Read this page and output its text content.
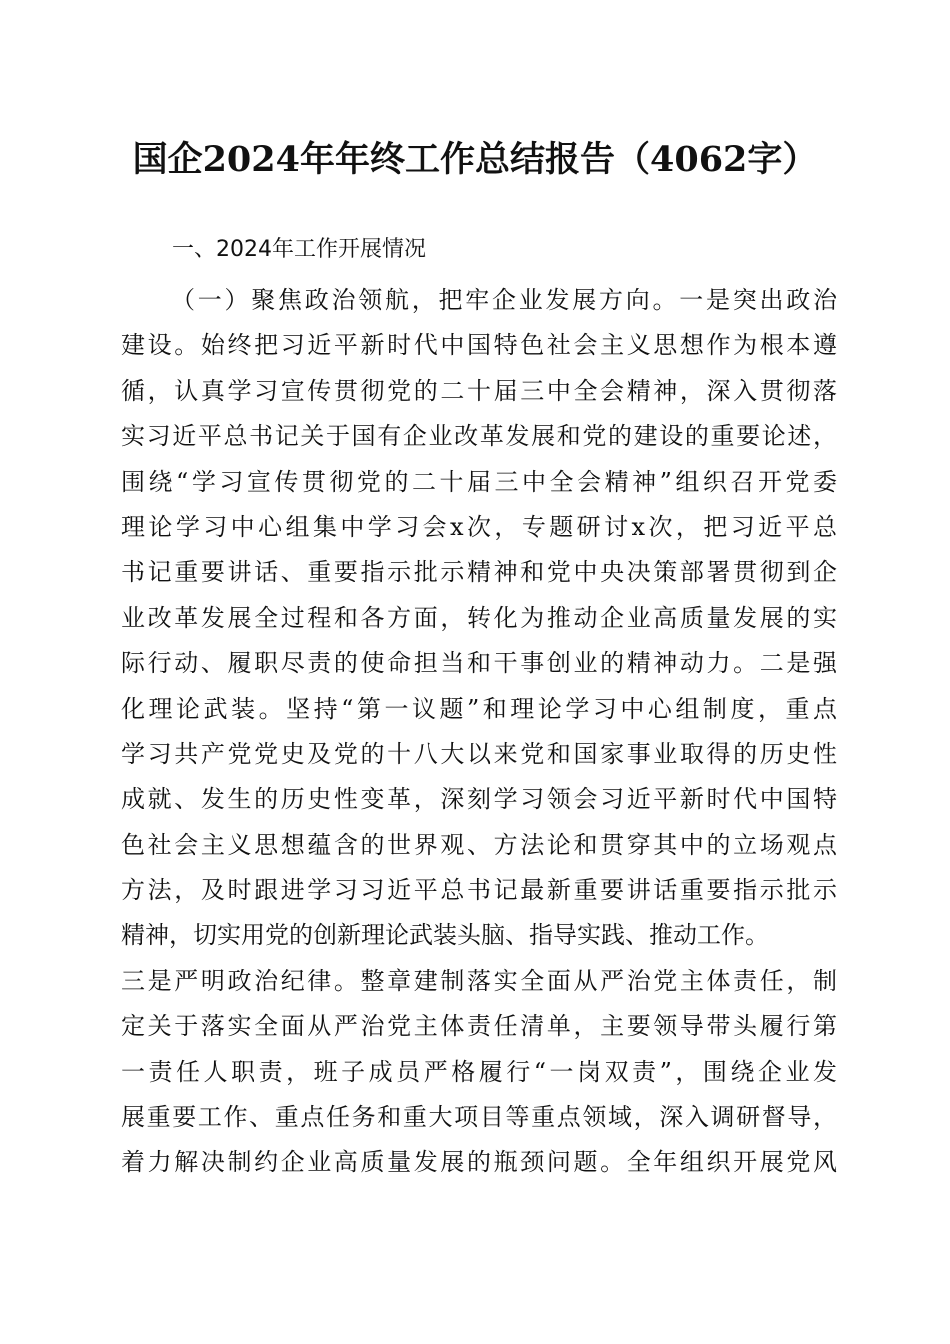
国企2024年年终工作总结报告（4062字）
一、2024年工作开展情况
（一）聚焦政治领航，把牢企业发展方向。一是突出政治
建设。始终把习近平新时代中国特色社会主义思想作为根本遵
循，认真学习宣传贯彻党的二十届三中全会精神，深入贯彻落
实习近平总书记关于国有企业改革发展和党的建设的重要论述，
围绕“学习宣传贯彻党的二十届三中全会精神”组织召开党委
理论学习中心组集中学习会x次，专题研讨x次，把习近平总
书记重要讲话、重要指示批示精神和党中央决策部署贯彻到企
业改革发展全过程和各方面，转化为推动企业高质量发展的实
际行动、履职尽责的使命担当和干事创业的精神动力。二是强
化理论武装。坚持“第一议题”和理论学习中心组制度，重点
学习共产党党史及党的十八大以来党和国家事业取得的历史性
成就、发生的历史性变革，深刻学习领会习近平新时代中国特
色社会主义思想蕴含的世界观、方法论和贯穿其中的立场观点
方法，及时跟进学习习近平总书记最新重要讲话重要指示批示
精神，切实用党的创新理论武装头脑、指导实践、推动工作。
三是严明政治纪律。整章建制落实全面从严治党主体责任，制
定关于落实全面从严治党主体责任清单，主要领导带头履行第
一责任人职责，班子成员严格履行“一岗双责”，围绕企业发
展重要工作、重点任务和重大项目等重点领域，深入调研督导，
着力解决制约企业高质量发展的瓶颈问题。全年组织开展党风
